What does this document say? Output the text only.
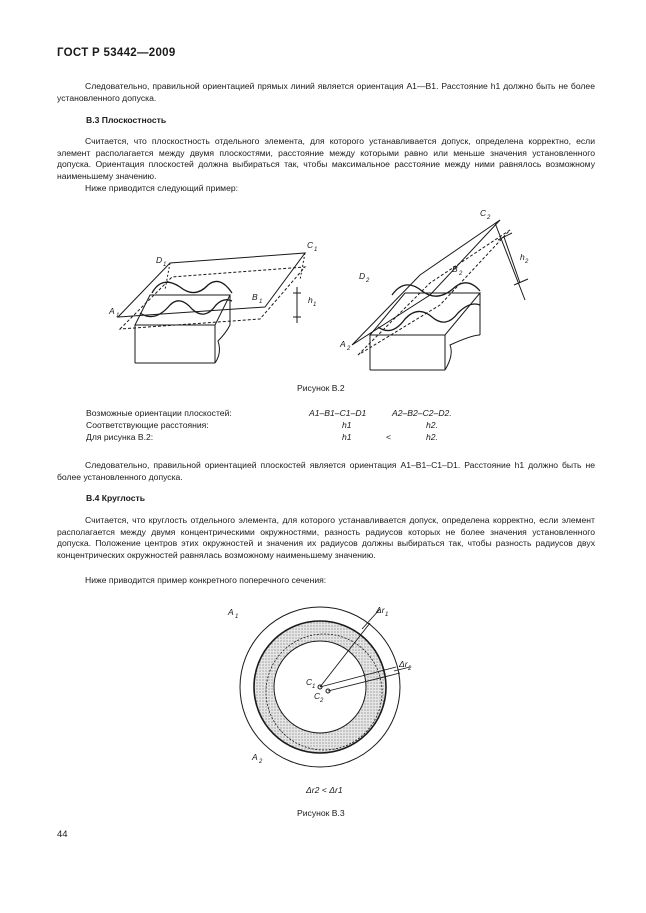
ГОСТ Р 53442—2009
Следовательно, правильной ориентацией прямых линий является ориентация A1—B1. Расстояние h1 должно быть не более установленного допуска.
В.3 Плоскостность
Считается, что плоскостность отдельного элемента, для которого устанавливается допуск, определена корректно, если элемент располагается между двумя плоскостями, расстояние между которыми равно или меньше значения установленного допуска. Ориентация плоскостей должна выбираться так, чтобы максимальное расстояние между ними равнялось возможному наименьшему значению.
Ниже приводится следующий пример:
D 1
C 1
A 1
B 1	h 1
C 2
D 2
B 2
h 2
A 2
Рисунок В.2
Возможные ориентации плоскостей:	A1–B1–C1–D1	A2–B2–C2–D2.
Соответствующие расстояния:	h1	h2.
Для рисунка В.2:	h1	<	h2.
Следовательно, правильной ориентацией плоскостей является ориентация A1–B1–C1–D1. Расстояние h1 должно быть не более установленного допуска.
В.4 Круглость
Считается, что круглость отдельного элемента, для которого устанавливается допуск, определена корректно, если элемент располагается между двумя концентрическими окружностями, разность радиусов которых не более значения установленного допуска. Положение центров этих окружностей и значения их радиусов должны выбираться так, чтобы разность радиусов двух концентрических окружностей равнялась возможному наименьшему значению.
Ниже приводится пример конкретного поперечного сечения:
A 1
A 2
C 1
C 2
Δr 1
Δr 2
Δr2 < Δr1
Рисунок В.3
44
